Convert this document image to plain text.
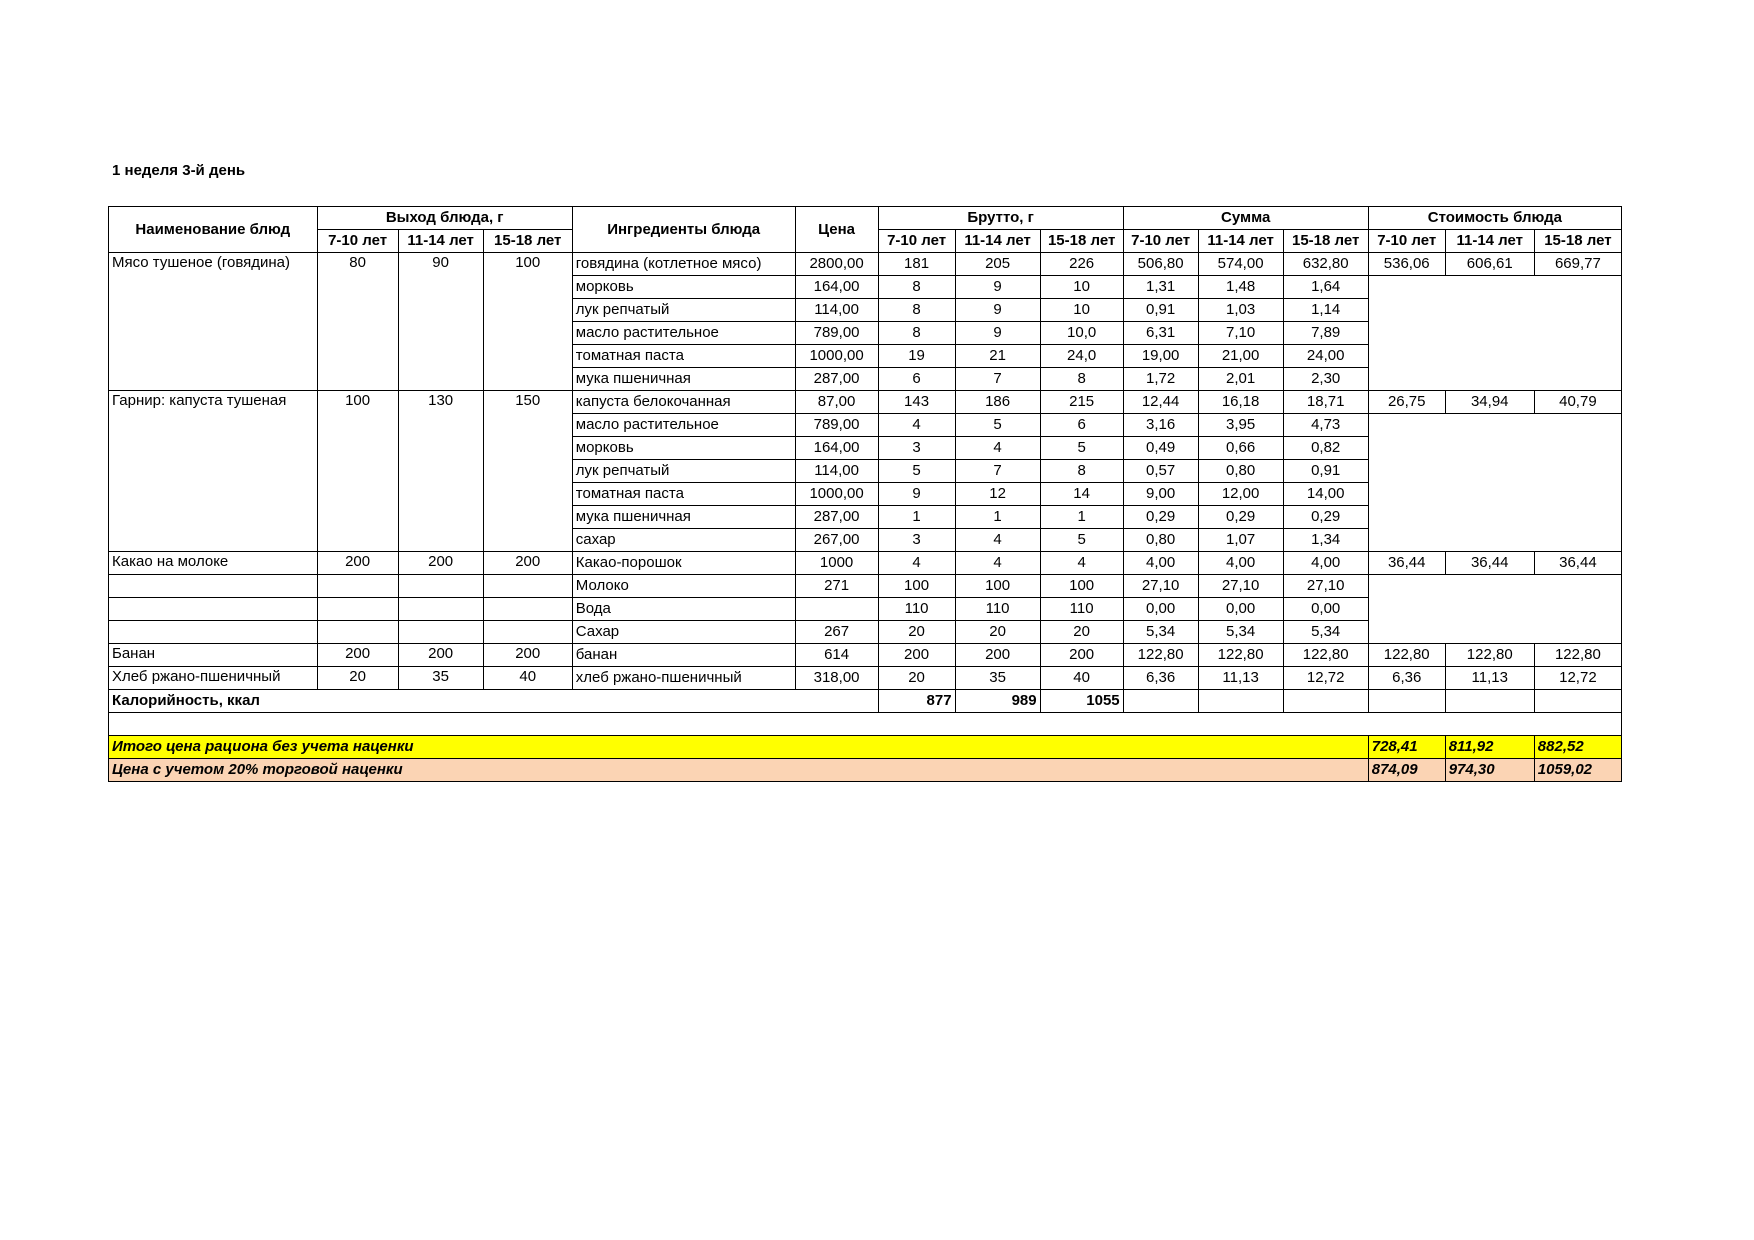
1 неделя 3-й день
Наименование блюд	Выход блюда, г			Ингредиенты блюда	Цена	Брутто, г			Сумма			Стоимость блюда		
	7-10 лет	11-14 лет	15-18 лет			7-10 лет	11-14 лет	15-18 лет	7-10 лет	11-14 лет	15-18 лет	7-10 лет	11-14 лет	15-18 лет
Мясо тушеное (говядина)	80	90	100	говядина (котлетное мясо)	2800,00	181	205	226	506,80	574,00	632,80	536,06	606,61	669,77
				морковь	164,00	8	9	10	1,31	1,48	1,64			
				лук репчатый	114,00	8	9	10	0,91	1,03	1,14			
				масло растительное	789,00	8	9	10,0	6,31	7,10	7,89			
				томатная паста	1000,00	19	21	24,0	19,00	21,00	24,00			
				мука пшеничная	287,00	6	7	8	1,72	2,01	2,30			
Гарнир: капуста тушеная	100	130	150	капуста белокочанная	87,00	143	186	215	12,44	16,18	18,71	26,75	34,94	40,79
				масло растительное	789,00	4	5	6	3,16	3,95	4,73			
				морковь	164,00	3	4	5	0,49	0,66	0,82			
				лук репчатый	114,00	5	7	8	0,57	0,80	0,91			
				томатная паста	1000,00	9	12	14	9,00	12,00	14,00			
				мука пшеничная	287,00	1	1	1	0,29	0,29	0,29			
				сахар	267,00	3	4	5	0,80	1,07	1,34			
Какао на молоке	200	200	200	Какао-порошок	1000	4	4	4	4,00	4,00	4,00	36,44	36,44	36,44
				Молоко	271	100	100	100	27,10	27,10	27,10			
				Вода		110	110	110	0,00	0,00	0,00			
				Сахар	267	20	20	20	5,34	5,34	5,34			
Банан	200	200	200	банан	614	200	200	200	122,80	122,80	122,80	122,80	122,80	122,80
Хлеб ржано-пшеничный	20	35	40	хлеб ржано-пшеничный	318,00	20	35	40	6,36	11,13	12,72	6,36	11,13	12,72
Калорийность, ккал						877	989	1055						

Итого цена рациона без учета наценки												728,41	811,92	882,52
Цена с учетом 20% торговой наценки												874,09	974,30	1059,02
